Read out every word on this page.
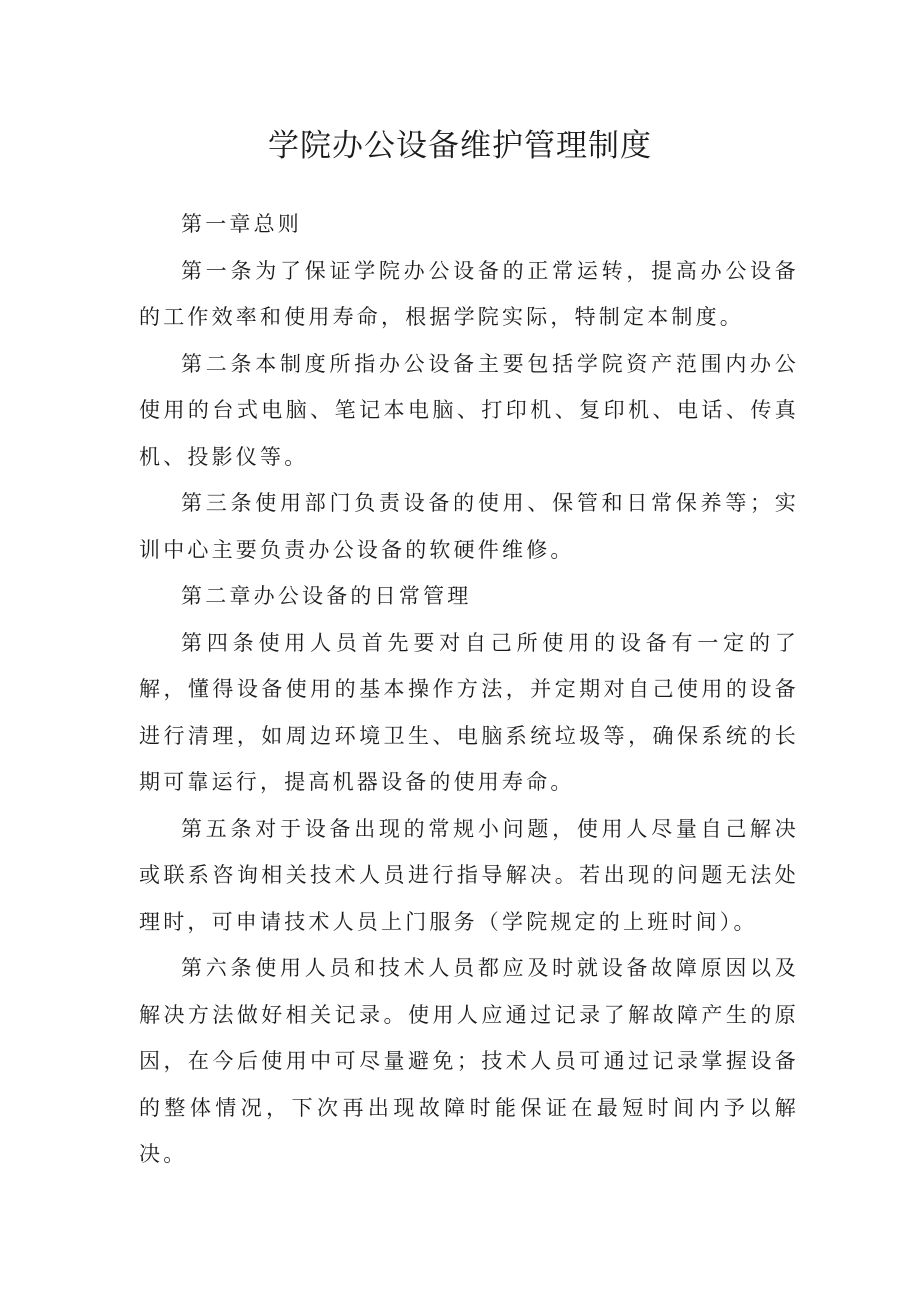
学院办公设备维护管理制度

第一章总则

第一条为了保证学院办公设备的正常运转，提高办公设备的工作效率和使用寿命，根据学院实际，特制定本制度。

第二条本制度所指办公设备主要包括学院资产范围内办公使用的台式电脑、笔记本电脑、打印机、复印机、电话、传真机、投影仪等。

第三条使用部门负责设备的使用、保管和日常保养等；实训中心主要负责办公设备的软硬件维修。

第二章办公设备的日常管理

第四条使用人员首先要对自己所使用的设备有一定的了解，懂得设备使用的基本操作方法，并定期对自己使用的设备进行清理，如周边环境卫生、电脑系统垃圾等，确保系统的长期可靠运行，提高机器设备的使用寿命。

第五条对于设备出现的常规小问题，使用人尽量自己解决或联系咨询相关技术人员进行指导解决。若出现的问题无法处理时，可申请技术人员上门服务（学院规定的上班时间）。

第六条使用人员和技术人员都应及时就设备故障原因以及解决方法做好相关记录。使用人应通过记录了解故障产生的原因，在今后使用中可尽量避免；技术人员可通过记录掌握设备的整体情况，下次再出现故障时能保证在最短时间内予以解决。
